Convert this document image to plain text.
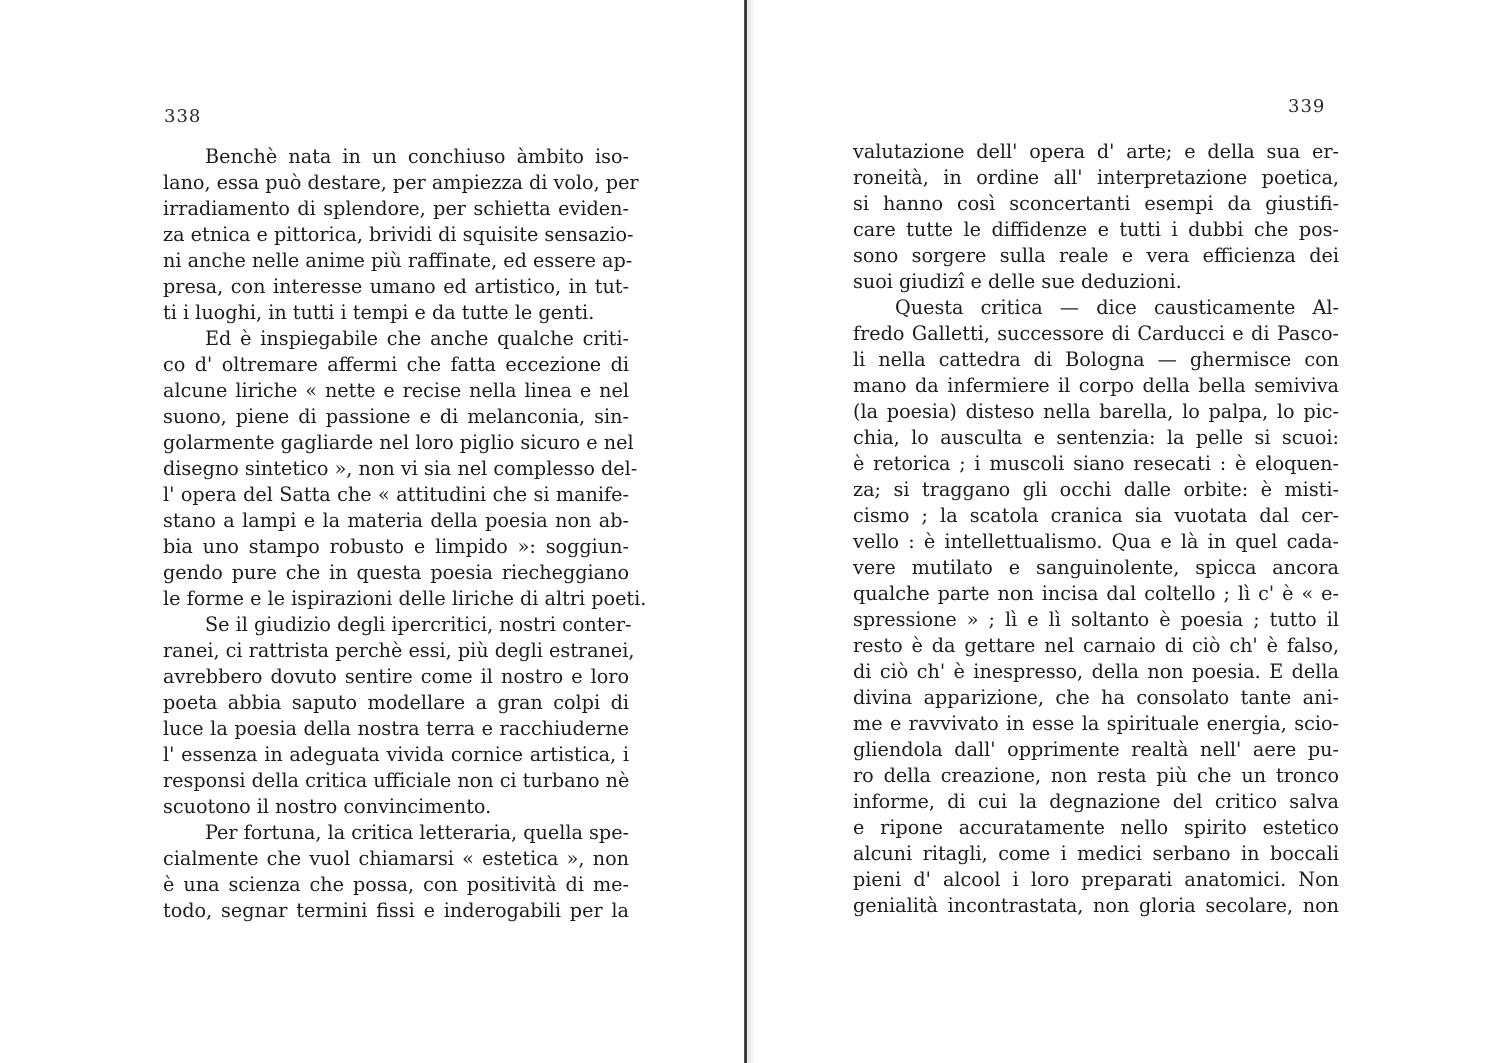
338
Benchè nata in un conchiuso àmbito iso-
lano, essa può destare, per ampiezza di volo, per
irradiamento di splendore, per schietta eviden-
za etnica e pittorica, brividi di squisite sensazio-
ni anche nelle anime più raffinate, ed essere ap-
presa, con interesse umano ed artistico, in tut-
ti i luoghi, in tutti i tempi e da tutte le genti.
Ed è inspiegabile che anche qualche criti-
co d' oltremare affermi che fatta eccezione di
alcune liriche « nette e recise nella linea e nel
suono, piene di passione e di melanconia, sin-
golarmente gagliarde nel loro piglio sicuro e nel
disegno sintetico », non vi sia nel complesso del-
l' opera del Satta che « attitudini che si manife-
stano a lampi e la materia della poesia non ab-
bia uno stampo robusto e limpido »: soggiun-
gendo pure che in questa poesia riecheggiano
le forme e le ispirazioni delle liriche di altri poeti.
Se il giudizio degli ipercritici, nostri conter-
ranei, ci rattrista perchè essi, più degli estranei,
avrebbero dovuto sentire come il nostro e loro
poeta abbia saputo modellare a gran colpi di
luce la poesia della nostra terra e racchiuderne
l' essenza in adeguata vivida cornice artistica, i
responsi della critica ufficiale non ci turbano nè
scuotono il nostro convincimento.
Per fortuna, la critica letteraria, quella spe-
cialmente che vuol chiamarsi « estetica », non
è una scienza che possa, con positività di me-
todo, segnar termini fissi e inderogabili per la
339
valutazione dell' opera d' arte; e della sua er-
roneità, in ordine all' interpretazione poetica,
si hanno così sconcertanti esempi da giustifi-
care tutte le diffidenze e tutti i dubbi che pos-
sono sorgere sulla reale e vera efficienza dei
suoi giudizî e delle sue deduzioni.
Questa critica — dice causticamente Al-
fredo Galletti, successore di Carducci e di Pasco-
li nella cattedra di Bologna — ghermisce con
mano da infermiere il corpo della bella semiviva
(la poesia) disteso nella barella, lo palpa, lo pic-
chia, lo ausculta e sentenzia: la pelle si scuoi:
è retorica ; i muscoli siano resecati : è eloquen-
za; si traggano gli occhi dalle orbite: è misti-
cismo ; la scatola cranica sia vuotata dal cer-
vello : è intellettualismo. Qua e là in quel cada-
vere mutilato e sanguinolente, spicca ancora
qualche parte non incisa dal coltello ; lì c' è « e-
spressione » ; lì e lì soltanto è poesia ; tutto il
resto è da gettare nel carnaio di ciò ch' è falso,
di ciò ch' è inespresso, della non poesia. E della
divina apparizione, che ha consolato tante ani-
me e ravvivato in esse la spirituale energia, scio-
gliendola dall' opprimente realtà nell' aere pu-
ro della creazione, non resta più che un tronco
informe, di cui la degnazione del critico salva
e ripone accuratamente nello spirito estetico
alcuni ritagli, come i medici serbano in boccali
pieni d' alcool i loro preparati anatomici. Non
genialità incontrastata, non gloria secolare, non
